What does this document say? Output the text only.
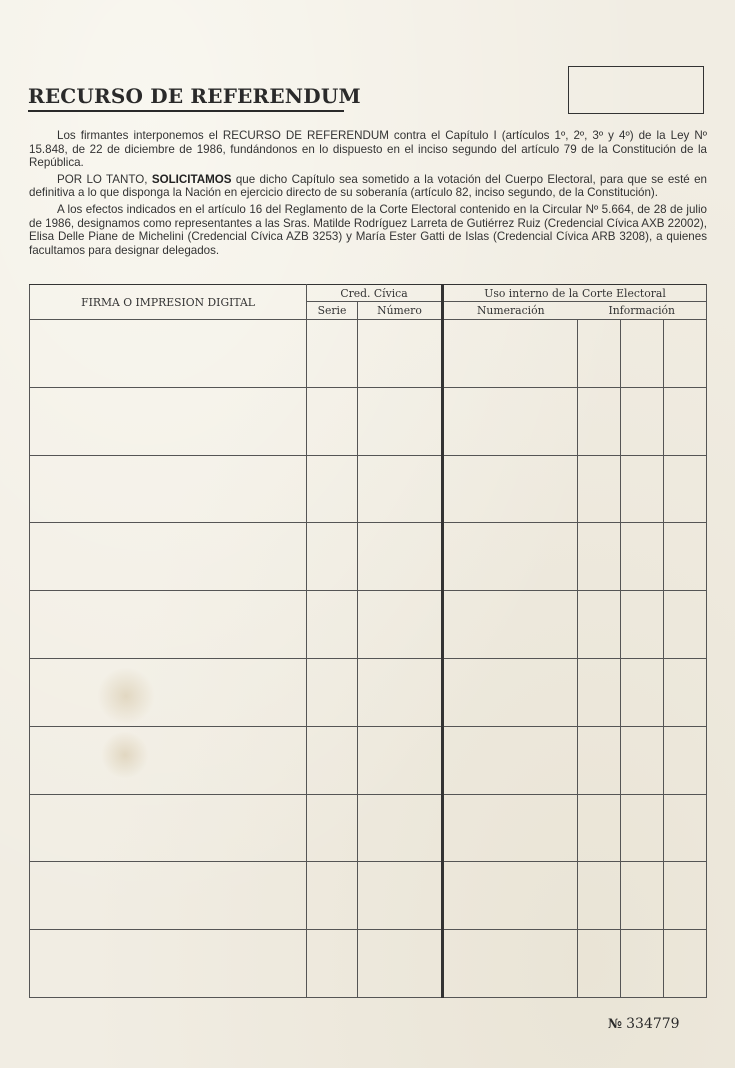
RECURSO DE REFERENDUM

Los firmantes interponemos el RECURSO DE REFERENDUM contra el Capítulo I (artículos 1º, 2º, 3º y 4º) de la Ley Nº 15.848, de 22 de diciembre de 1986, fundándonos en lo dispuesto en el inciso segundo del artículo 79 de la Constitución de la República.

POR LO TANTO, SOLICITAMOS que dicho Capítulo sea sometido a la votación del Cuerpo Electoral, para que se esté en definitiva a lo que disponga la Nación en ejercicio directo de su soberanía (artículo 82, inciso segundo, de la Constitución).

A los efectos indicados en el artículo 16 del Reglamento de la Corte Electoral contenido en la Circular Nº 5.664, de 28 de julio de 1986, designamos como representantes a las Sras. Matilde Rodríguez Larreta de Gutiérrez Ruiz (Credencial Cívica AXB 22002), Elisa Delle Piane de Michelini (Credencial Cívica AZB 3253) y María Ester Gatti de Islas (Credencial Cívica ARB 3208), a quienes facultamos para designar delegados.

FIRMA O IMPRESION DIGITAL	Cred. Cívica		Uso interno de la Corte Electoral			
	Serie	Número	Numeración	Información		

№ 334779
